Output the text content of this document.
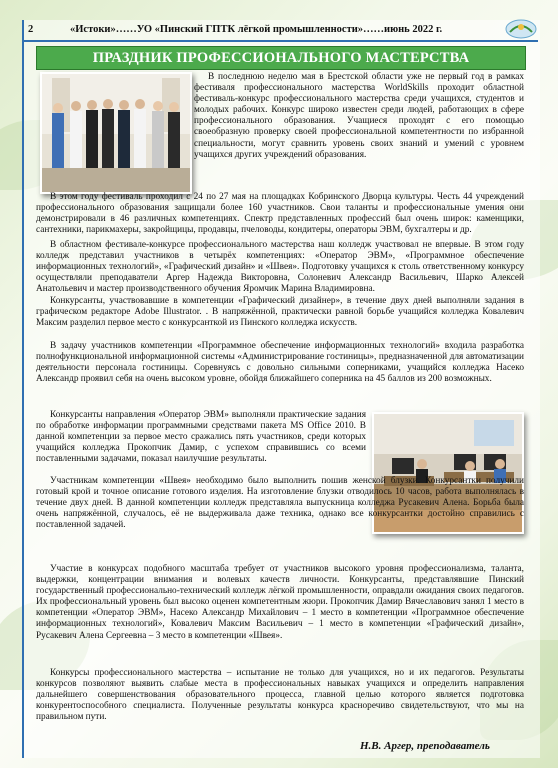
2	«Истоки»……УО «Пинский ГПТК лёгкой промышленности»……июнь 2022 г.
ПРАЗДНИК ПРОФЕССИОНАЛЬНОГО МАСТЕРСТВА

В последнюю неделю мая в Брестской области уже не первый год в рамках фестиваля профессионального мастерства WorldSkills проходит областной фестиваль-конкурс профессионального мастерства среди учащихся, студентов и молодых рабочих. Конкурс широко известен среди людей, работающих в сфере профессионального образования. Учащиеся проходят с его помощью своеобразную проверку своей профессиональной компетентности по избранной специальности, могут сравнить уровень своих знаний и умений с уровнем учащихся других учреждений образования.

В этом году фестиваль проходил с 24 по 27 мая на площадках Кобринского Дворца культуры. Честь 44 учреждений профессионального образования защищали более 160 участников. Свои таланты и профессиональные умения они демонстрировали в 46 различных компетенциях. Спектр представленных профессий был очень широк: каменщики, сантехники, парикмахеры, закройщицы, продавцы, пчеловоды, кондитеры, операторы ЭВМ, бухгалтеры и др.

В областном фестивале-конкурсе профессионального мастерства наш колледж участвовал не впервые. В этом году колледж представил участников в четырёх компетенциях: «Оператор ЭВМ», «Программное обеспечение информационных технологий», «Графический дизайн» и «Швея». Подготовку учащихся к столь ответственному конкурсу осуществляли преподаватели Аргер Надежда Викторовна, Солоневич Александр Васильевич, Шарко Алексей Анатольевич и мастер производственного обучения Яромчик Марина Владимировна.

Конкурсанты, участвовавшие в компетенции «Графический дизайнер», в течение двух дней выполняли задания в графическом редакторе Adobe Illustrator. . В напряжённой, практически равной борьбе учащийся колледжа Ковалевич Максим разделил первое место с конкурсанткой из Пинского колледжа искусств.

В задачу участников компетенции «Программное обеспечение информационных технологий» входила разработка полнофункциональной информационной системы «Администрирование гостиницы», предназначенной для автоматизации деятельности персонала гостиницы. Соревнуясь с довольно сильными соперниками, учащийся колледжа Насеко Александр проявил себя на очень высоком уровне, обойдя ближайшего соперника на 45 баллов из 200 возможных.

Конкурсанты направления «Оператор ЭВМ» выполняли практические задания по обработке информации программными средствами пакета MS Office 2010. В данной компетенции за первое место сражались пять участников, среди которых учащийся колледжа Прокопчик Дамир, с успехом справившись со всеми поставленными задачами, показал наилучшие результаты.

Участникам компетенции «Швея» необходимо было выполнить пошив женской блузки. Конкурсантки получили готовый крой и точное описание готового изделия. На изготовление блузки отводилось 10 часов, работа выполнялась в течение двух дней. В данной компетенции колледж представляла выпускница колледжа Русакевич Алена. Борьба была очень напряжённой, случалось, её не выдерживала даже техника, однако все конкурсантки достойно справились с поставленной задачей.

Участие в конкурсах подобного масштаба требует от участников высокого уровня профессионализма, таланта, выдержки, концентрации внимания и волевых качеств личности. Конкурсанты, представлявшие Пинский государственный профессионально-технический колледж лёгкой промышленности, оправдали ожидания своих педагогов. Их профессиональный уровень был высоко оценен компетентным жюри. Прокопчик Дамир Вячеславович занял 1 место в компетенции «Оператор ЭВМ», Насеко Александр Михайлович – 1 место в компетенции «Программное обеспечение информационных технологий», Ковалевич Максим Васильевич – 1 место в компетенции «Графический дизайн», Русакевич Алена Сергеевна – 3 место в компетенции «Швея».

Конкурсы профессионального мастерства – испытание не только для учащихся, но и их педагогов. Результаты конкурсов позволяют выявить слабые места в профессиональных навыках учащихся и определить направления дальнейшего совершенствования образовательного процесса, главной целью которого является подготовка конкурентоспособного специалиста. Полученные результаты конкурса красноречиво свидетельствуют, что мы на правильном пути.

Н.В. Аргер, преподаватель
